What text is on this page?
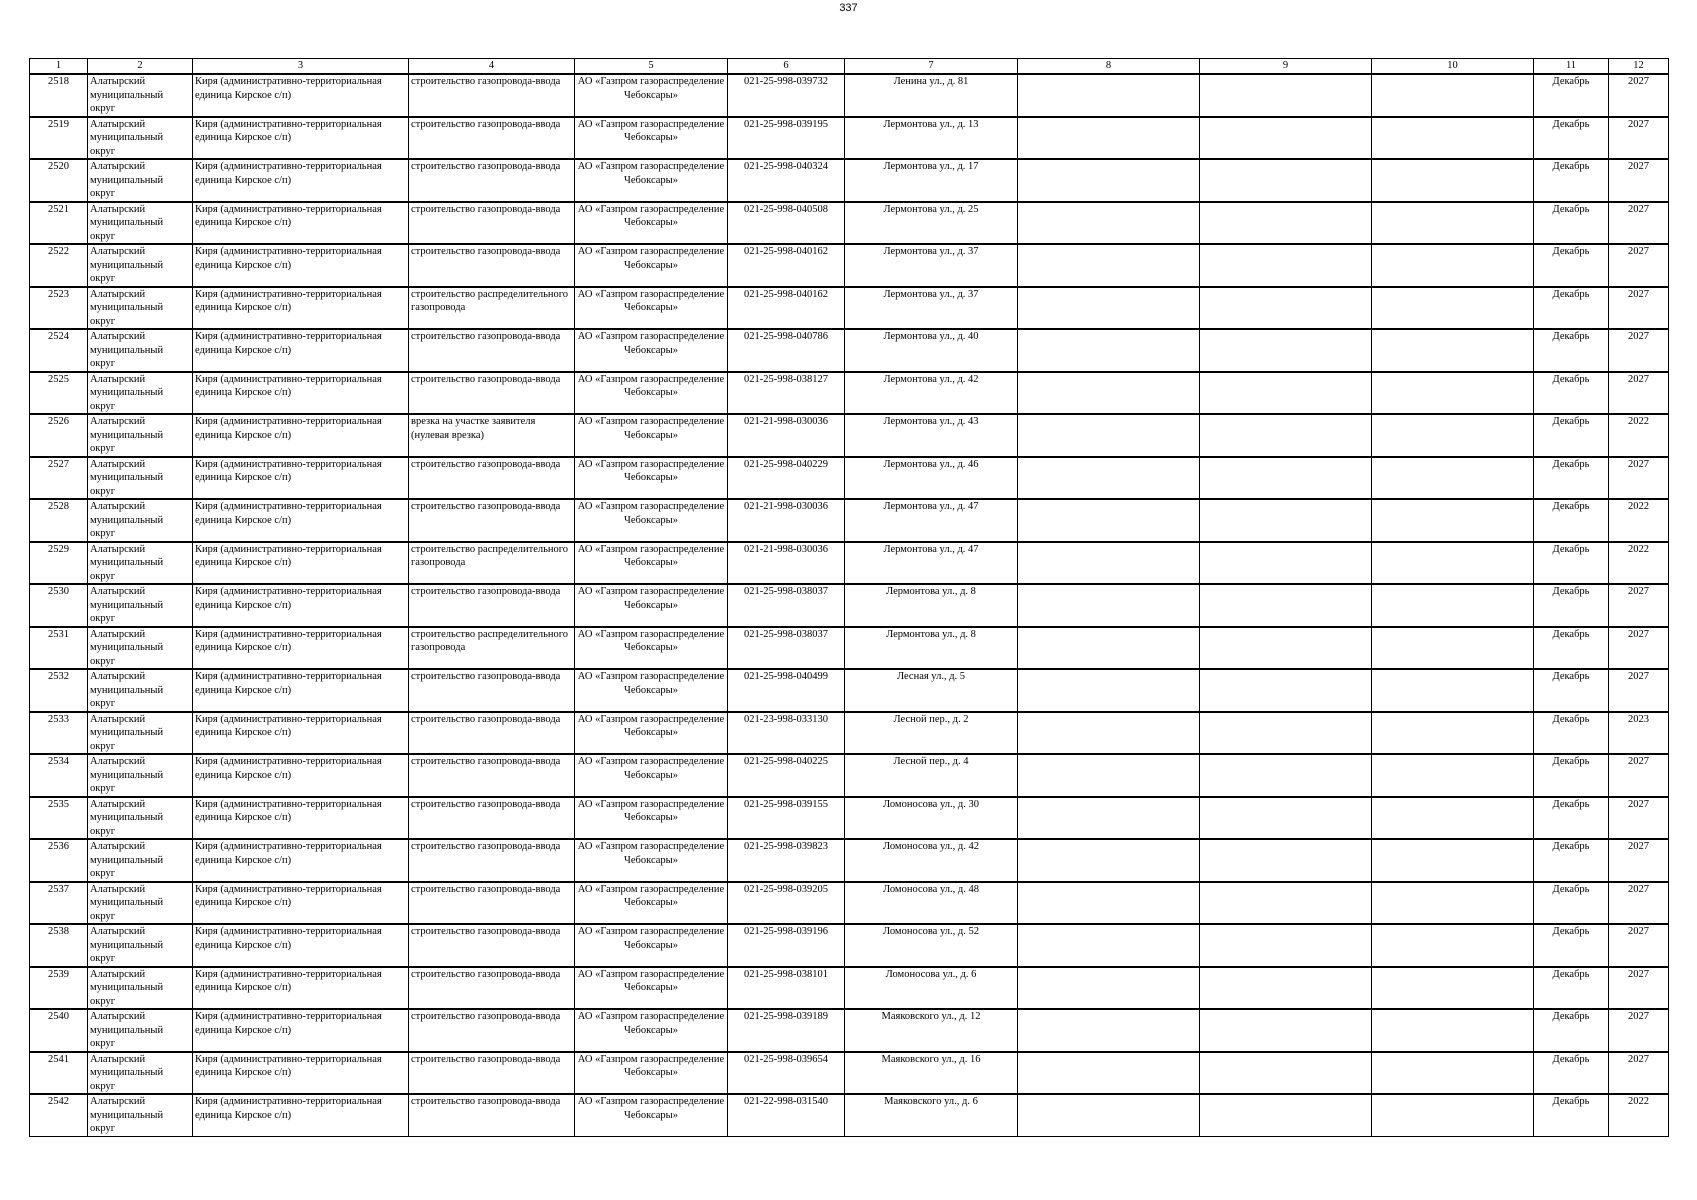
337
1	2	3	4	5	6	7	8	9	10	11	12
2518	Алатырский муниципальный округ	Киря (административно-территориальная единица Кирское с/п)	строительство газопровода-ввода	АО «Газпром газораспределение Чебоксары»	021-25-998-039732	Ленина ул., д. 81				Декабрь	2027
2519	Алатырский муниципальный округ	Киря (административно-территориальная единица Кирское с/п)	строительство газопровода-ввода	АО «Газпром газораспределение Чебоксары»	021-25-998-039195	Лермонтова ул., д. 13				Декабрь	2027
2520	Алатырский муниципальный округ	Киря (административно-территориальная единица Кирское с/п)	строительство газопровода-ввода	АО «Газпром газораспределение Чебоксары»	021-25-998-040324	Лермонтова ул., д. 17				Декабрь	2027
2521	Алатырский муниципальный округ	Киря (административно-территориальная единица Кирское с/п)	строительство газопровода-ввода	АО «Газпром газораспределение Чебоксары»	021-25-998-040508	Лермонтова ул., д. 25				Декабрь	2027
2522	Алатырский муниципальный округ	Киря (административно-территориальная единица Кирское с/п)	строительство газопровода-ввода	АО «Газпром газораспределение Чебоксары»	021-25-998-040162	Лермонтова ул., д. 37				Декабрь	2027
2523	Алатырский муниципальный округ	Киря (административно-территориальная единица Кирское с/п)	строительство распределительного газопровода	АО «Газпром газораспределение Чебоксары»	021-25-998-040162	Лермонтова ул., д. 37				Декабрь	2027
2524	Алатырский муниципальный округ	Киря (административно-территориальная единица Кирское с/п)	строительство газопровода-ввода	АО «Газпром газораспределение Чебоксары»	021-25-998-040786	Лермонтова ул., д. 40				Декабрь	2027
2525	Алатырский муниципальный округ	Киря (административно-территориальная единица Кирское с/п)	строительство газопровода-ввода	АО «Газпром газораспределение Чебоксары»	021-25-998-038127	Лермонтова ул., д. 42				Декабрь	2027
2526	Алатырский муниципальный округ	Киря (административно-территориальная единица Кирское с/п)	врезка на участке заявителя (нулевая врезка)	АО «Газпром газораспределение Чебоксары»	021-21-998-030036	Лермонтова ул., д. 43				Декабрь	2022
2527	Алатырский муниципальный округ	Киря (административно-территориальная единица Кирское с/п)	строительство газопровода-ввода	АО «Газпром газораспределение Чебоксары»	021-25-998-040229	Лермонтова ул., д. 46				Декабрь	2027
2528	Алатырский муниципальный округ	Киря (административно-территориальная единица Кирское с/п)	строительство газопровода-ввода	АО «Газпром газораспределение Чебоксары»	021-21-998-030036	Лермонтова ул., д. 47				Декабрь	2022
2529	Алатырский муниципальный округ	Киря (административно-территориальная единица Кирское с/п)	строительство распределительного газопровода	АО «Газпром газораспределение Чебоксары»	021-21-998-030036	Лермонтова ул., д. 47				Декабрь	2022
2530	Алатырский муниципальный округ	Киря (административно-территориальная единица Кирское с/п)	строительство газопровода-ввода	АО «Газпром газораспределение Чебоксары»	021-25-998-038037	Лермонтова ул., д. 8				Декабрь	2027
2531	Алатырский муниципальный округ	Киря (административно-территориальная единица Кирское с/п)	строительство распределительного газопровода	АО «Газпром газораспределение Чебоксары»	021-25-998-038037	Лермонтова ул., д. 8				Декабрь	2027
2532	Алатырский муниципальный округ	Киря (административно-территориальная единица Кирское с/п)	строительство газопровода-ввода	АО «Газпром газораспределение Чебоксары»	021-25-998-040499	Лесная ул., д. 5				Декабрь	2027
2533	Алатырский муниципальный округ	Киря (административно-территориальная единица Кирское с/п)	строительство газопровода-ввода	АО «Газпром газораспределение Чебоксары»	021-23-998-033130	Лесной пер., д. 2				Декабрь	2023
2534	Алатырский муниципальный округ	Киря (административно-территориальная единица Кирское с/п)	строительство газопровода-ввода	АО «Газпром газораспределение Чебоксары»	021-25-998-040225	Лесной пер., д. 4				Декабрь	2027
2535	Алатырский муниципальный округ	Киря (административно-территориальная единица Кирское с/п)	строительство газопровода-ввода	АО «Газпром газораспределение Чебоксары»	021-25-998-039155	Ломоносова ул., д. 30				Декабрь	2027
2536	Алатырский муниципальный округ	Киря (административно-территориальная единица Кирское с/п)	строительство газопровода-ввода	АО «Газпром газораспределение Чебоксары»	021-25-998-039823	Ломоносова ул., д. 42				Декабрь	2027
2537	Алатырский муниципальный округ	Киря (административно-территориальная единица Кирское с/п)	строительство газопровода-ввода	АО «Газпром газораспределение Чебоксары»	021-25-998-039205	Ломоносова ул., д. 48				Декабрь	2027
2538	Алатырский муниципальный округ	Киря (административно-территориальная единица Кирское с/п)	строительство газопровода-ввода	АО «Газпром газораспределение Чебоксары»	021-25-998-039196	Ломоносова ул., д. 52				Декабрь	2027
2539	Алатырский муниципальный округ	Киря (административно-территориальная единица Кирское с/п)	строительство газопровода-ввода	АО «Газпром газораспределение Чебоксары»	021-25-998-038101	Ломоносова ул., д. 6				Декабрь	2027
2540	Алатырский муниципальный округ	Киря (административно-территориальная единица Кирское с/п)	строительство газопровода-ввода	АО «Газпром газораспределение Чебоксары»	021-25-998-039189	Маяковского ул., д. 12				Декабрь	2027
2541	Алатырский муниципальный округ	Киря (административно-территориальная единица Кирское с/п)	строительство газопровода-ввода	АО «Газпром газораспределение Чебоксары»	021-25-998-039654	Маяковского ул., д. 16				Декабрь	2027
2542	Алатырский муниципальный округ	Киря (административно-территориальная единица Кирское с/п)	строительство газопровода-ввода	АО «Газпром газораспределение Чебоксары»	021-22-998-031540	Маяковского ул., д. 6				Декабрь	2022
